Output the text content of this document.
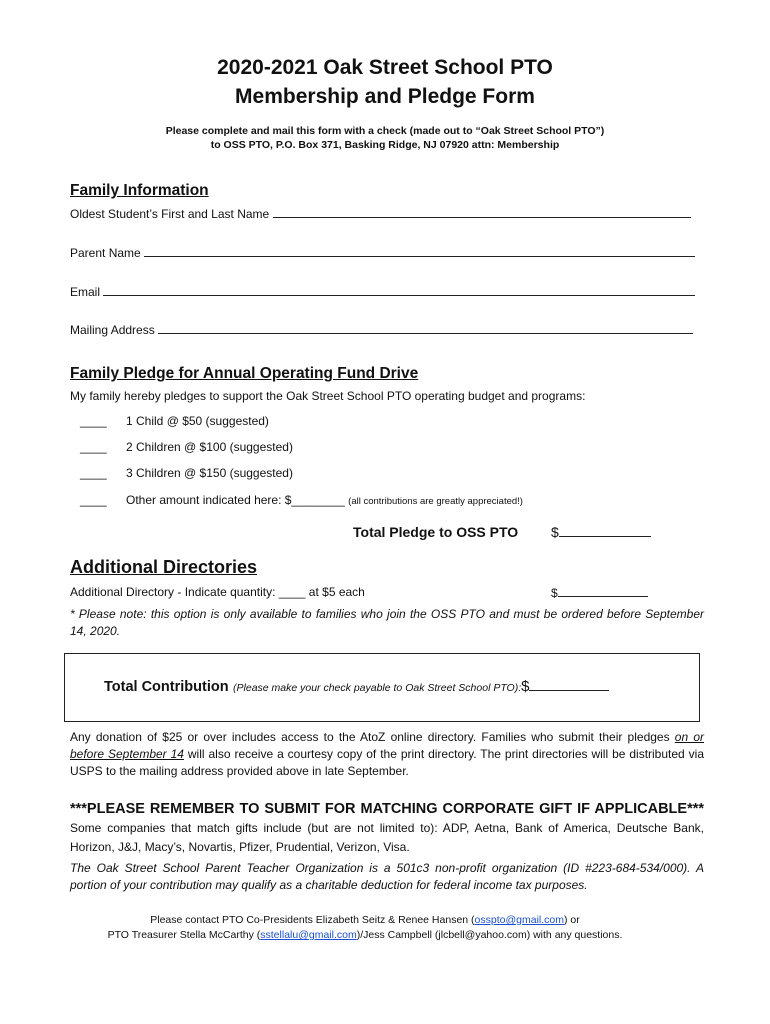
2020-2021 Oak Street School PTO
Membership and Pledge Form
Please complete and mail this form with a check (made out to “Oak Street School PTO”)
to OSS PTO, P.O. Box 371, Basking Ridge, NJ 07920 attn: Membership
Family Information
Oldest Student’s First and Last Name
Parent Name
Email
Mailing Address
Family Pledge for Annual Operating Fund Drive
My family hereby pledges to support the Oak Street School PTO operating budget and programs:
____ 1 Child @ $50 (suggested)
____ 2 Children @ $100 (suggested)
____ 3 Children @ $150 (suggested)
____ Other amount indicated here: $________ (all contributions are greatly appreciated!)
Total Pledge to OSS PTO $
Additional Directories
Additional Directory - Indicate quantity: ____ at $5 each	$
* Please note: this option is only available to families who join the OSS PTO and must be ordered before September 14, 2020.
Total Contribution (Please make your check payable to Oak Street School PTO):$
Any donation of $25 or over includes access to the AtoZ online directory. Families who submit their pledges on or before September 14 will also receive a courtesy copy of the print directory. The print directories will be distributed via USPS to the mailing address provided above in late September.
***PLEASE REMEMBER TO SUBMIT FOR MATCHING CORPORATE GIFT IF APPLICABLE*** Some companies that match gifts include (but are not limited to): ADP, Aetna, Bank of America, Deutsche Bank, Horizon, J&J, Macy’s, Novartis, Pfizer, Prudential, Verizon, Visa.
The Oak Street School Parent Teacher Organization is a 501c3 non-profit organization (ID #223-684-534/000). A portion of your contribution may qualify as a charitable deduction for federal income tax purposes.
Please contact PTO Co-Presidents Elizabeth Seitz & Renee Hansen (osspto@gmail.com) or
PTO Treasurer Stella McCarthy (sstellalu@gmail.com)/Jess Campbell (jlcbell@yahoo.com) with any questions.
